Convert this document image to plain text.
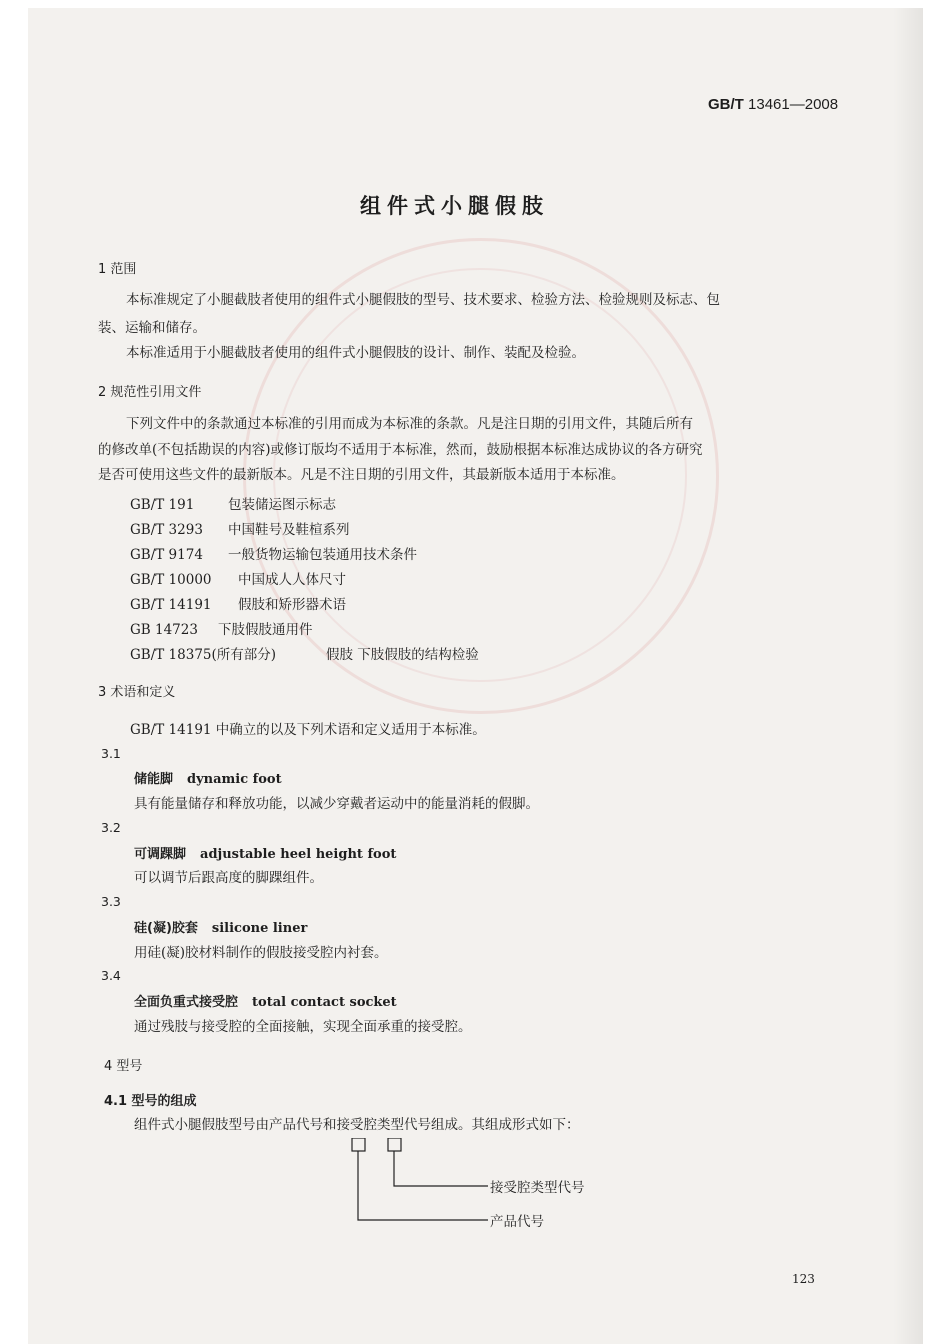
GB/T 13461—2008
组件式小腿假肢
1 范围
本标准规定了小腿截肢者使用的组件式小腿假肢的型号、技术要求、检验方法、检验规则及标志、包
装、运输和储存。
本标准适用于小腿截肢者使用的组件式小腿假肢的设计、制作、装配及检验。
2 规范性引用文件
下列文件中的条款通过本标准的引用而成为本标准的条款。凡是注日期的引用文件，其随后所有
的修改单(不包括勘误的内容)或修订版均不适用于本标准，然而，鼓励根据本标准达成协议的各方研究
是否可使用这些文件的最新版本。凡是不注日期的引用文件，其最新版本适用于本标准。
GB/T 191 包装储运图示标志
GB/T 3293 中国鞋号及鞋楦系列
GB/T 9174 一般货物运输包装通用技术条件
GB/T 10000 中国成人人体尺寸
GB/T 14191 假肢和矫形器术语
GB 14723 下肢假肢通用件
GB/T 18375(所有部分)	假肢 下肢假肢的结构检验
3 术语和定义
GB/T 14191 中确立的以及下列术语和定义适用于本标准。
3.1
储能脚 dynamic foot
具有能量储存和释放功能，以减少穿戴者运动中的能量消耗的假脚。
3.2
可调踝脚 adjustable heel height foot
可以调节后跟高度的脚踝组件。
3.3
硅(凝)胶套 silicone liner
用硅(凝)胶材料制作的假肢接受腔内衬套。
3.4
全面负重式接受腔 total contact socket
通过残肢与接受腔的全面接触，实现全面承重的接受腔。
4 型号
4.1 型号的组成
组件式小腿假肢型号由产品代号和接受腔类型代号组成。其组成形式如下：
接受腔类型代号
产品代号
123
